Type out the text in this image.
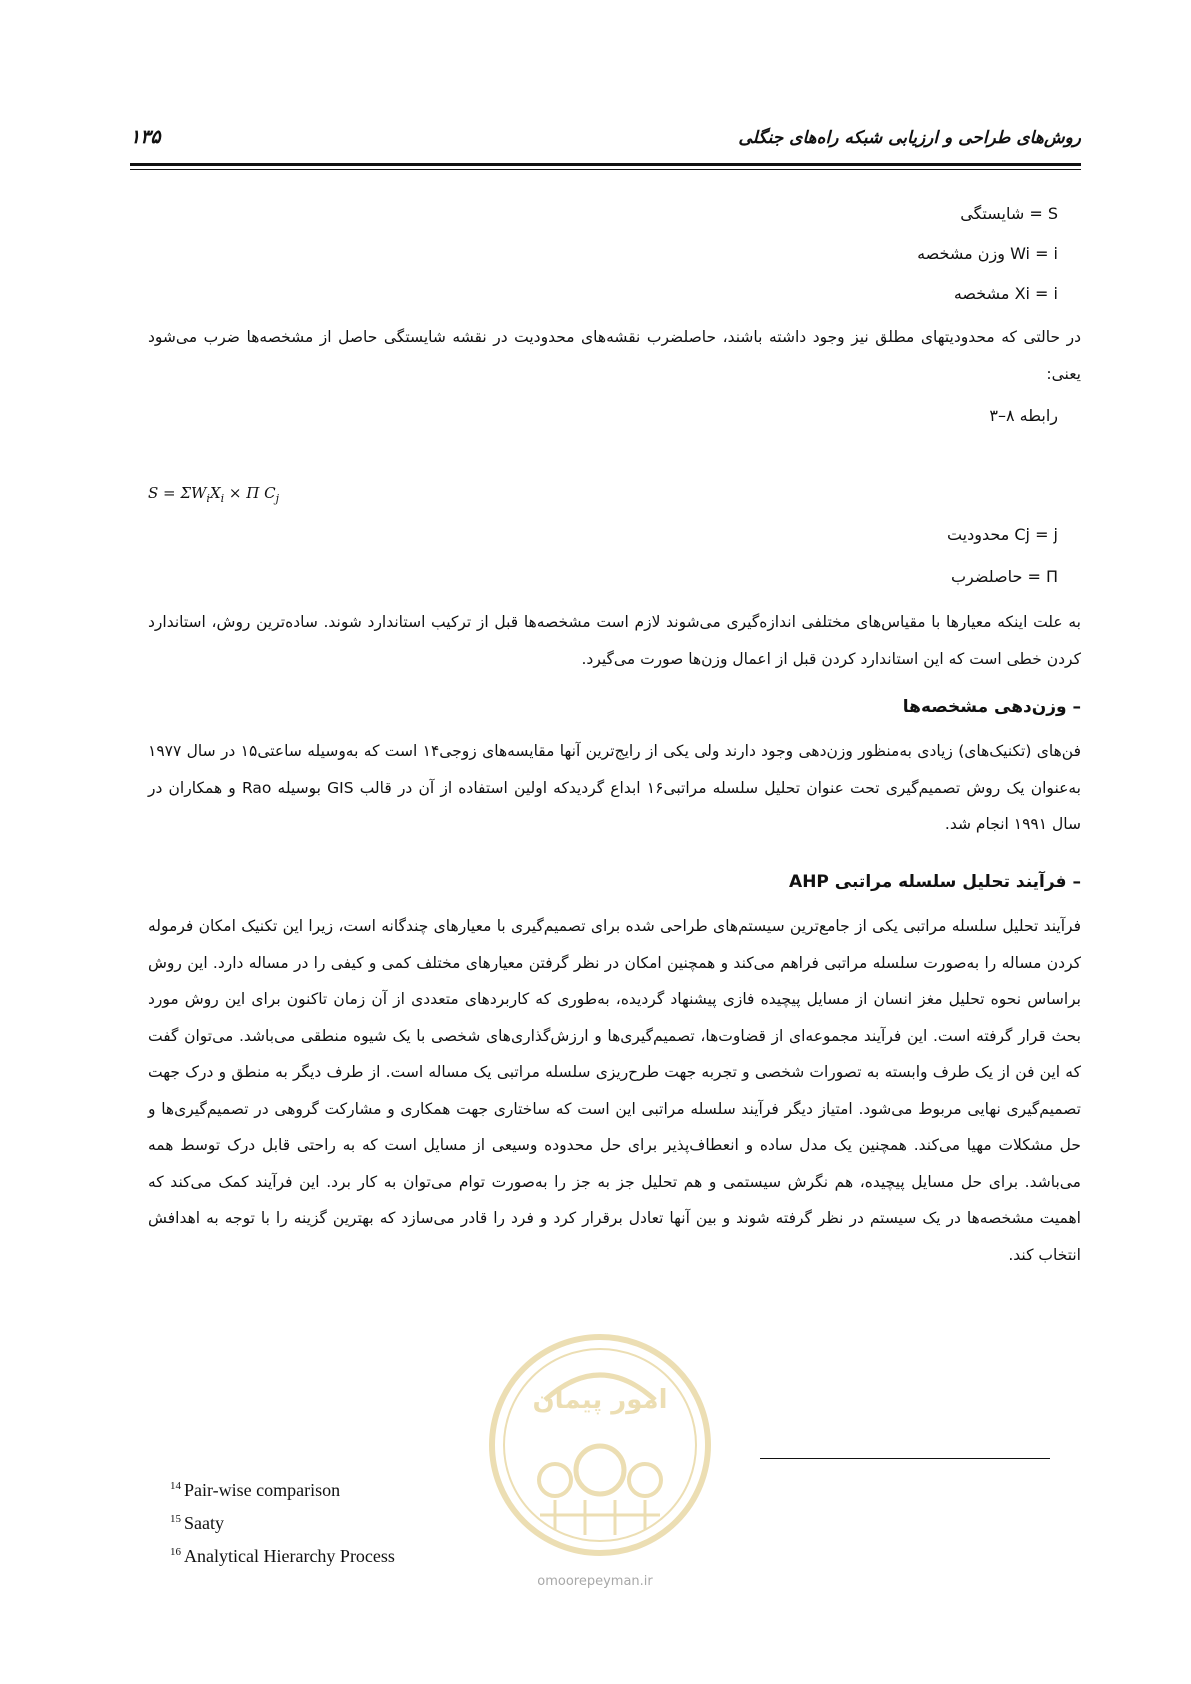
روش‌های طراحی و ارزیابی شبکه راه‌های جنگلی
۱۳۵
S = شایستگی
Wi = i وزن مشخصه
Xi = i مشخصه
در حالتی که محدودیتهای مطلق نیز وجود داشته باشند، حاصلضرب نقشه‌های محدودیت در نقشه شایستگی حاصل از مشخصه‌ها ضرب می‌شود یعنی:
رابطه ۸–۳
$S = \Sigma W_iX_i \times \Pi$ $C_j$
Cj = j محدودیت
Π = حاصلضرب
به علت اینکه معیارها با مقیاس‌های مختلفی اندازه‌گیری می‌شوند لازم است مشخصه‌ها قبل از ترکیب استاندارد شوند. ساده‌ترین روش، استاندارد کردن خطی است که این استاندارد کردن قبل از اعمال وزن‌ها صورت می‌گیرد.
– وزن‌دهی مشخصه‌ها
فن‌های (تکنیک‌های) زیادی به‌منظور وزن‌دهی وجود دارند ولی یکی از رایج‌ترین آنها مقایسه‌های زوجی۱۴ است که به‌وسیله ساعتی۱۵ در سال ۱۹۷۷ به‌عنوان یک روش تصمیم‌گیری تحت عنوان تحلیل سلسله مراتبی۱۶ ابداع گردیدکه اولین استفاده از آن در قالب GIS بوسیله Rao و همکاران در سال ۱۹۹۱ انجام شد.
– فرآیند تحلیل سلسله مراتبی AHP
فرآیند تحلیل سلسله مراتبی یکی از جامع‌ترین سیستم‌های طراحی شده برای تصمیم‌گیری با معیارهای چندگانه است، زیرا این تکنیک امکان فرموله کردن مساله را به‌صورت سلسله مراتبی فراهم می‌کند و همچنین امکان در نظر گرفتن معیارهای مختلف کمی و کیفی را در مساله دارد. این روش براساس نحوه تحلیل مغز انسان از مسایل پیچیده فازی پیشنهاد گردیده، به‌طوری که کاربردهای متعددی از آن زمان تاکنون برای این روش مورد بحث قرار گرفته است. این فرآیند مجموعه‌ای از قضاوت‌ها، تصمیم‌گیری‌ها و ارزش‌گذاری‌های شخصی با یک شیوه منطقی می‌باشد. می‌توان گفت که این فن از یک طرف وابسته به تصورات شخصی و تجربه جهت طرح‌ریزی سلسله مراتبی یک مساله است. از طرف دیگر به منطق و درک جهت تصمیم‌گیری نهایی مربوط می‌شود. امتیاز دیگر فرآیند سلسله مراتبی این است که ساختاری جهت همکاری و مشارکت گروهی در تصمیم‌گیری‌ها و حل مشکلات مهیا می‌کند. همچنین یک مدل ساده و انعطاف‌پذیر برای حل محدوده وسیعی از مسایل است که به راحتی قابل درک توسط همه می‌باشد. برای حل مسایل پیچیده، هم نگرش سیستمی و هم تحلیل جز به جز را به‌صورت توام می‌توان به کار برد. این فرآیند کمک می‌کند که اهمیت مشخصه‌ها در یک سیستم در نظر گرفته شوند و بین آنها تعادل برقرار کرد و فرد را قادر می‌سازد که بهترین گزینه را با توجه به اهدافش انتخاب کند.
امور پیمان
omoorepeyman.ir
$^{14}$ Pair-wise comparison
$^{15}$ Saaty
$^{16}$ Analytical Hierarchy Process
